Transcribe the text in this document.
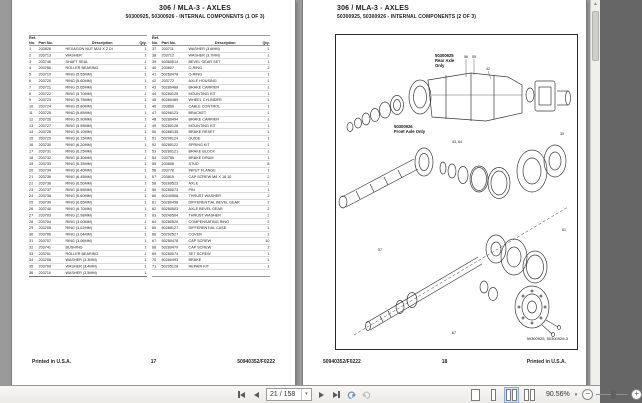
306 / MLA-3 - AXLES
50300925, 50300926 - INTERNAL COMPONENTS (1 OF 3)
Ref.
No. Part No.	Description	Qty.
1 203826	HEXAGON NUT M24 X 2 DI	1
2 203713	WASHER	1
3 203746	SHAFT SEAL	1
4 203750	ROLLER BEARING	1
5 203719	RING (5.55MM)	1
6 203720	RING (5.60MM)	1
7 203721	RING (5.65MM)	1
8 203722	RING (5.70MM)	1
9 203723	RING (5.75MM)	1
10 203724	RING (5.80MM)	1
11 203725	RING (5.85MM)	1
12 203726	RING (5.90MM)	1
13 203727	RING (5.95MM)	1
14 203728	RING (6.10MM)	1
15 203729	RING (6.15MM)	1
16 203730	RING (6.20MM)	1
17 203731	RING (6.25MM)	1
18 203732	RING (6.30MM)	1
19 203733	RING (6.35MM)	1
20 203734	RING (6.40MM)	1
21 203735	RING (6.45MM)	1
22 203736	RING (6.50MM)	1
23 203737	RING (6.55MM)	1
24 203738	RING (6.60MM)	1
25 203739	RING (6.65MM)	1
26 203740	RING (6.70MM)	1
27 203703	RING (2.98MM)	1
28 203704	RING (3.00MM)	1
29 203705	RING (3.02MM)	1
30 203706	RING (3.04MM)	1
31 203707	RING (3.06MM)	1
32 203741	BUSHING	1
33 203751	ROLLER BEARING	1
34 203708	WASHER (3.3MM)	1
35 203709	WASHER (3.4MM)	1
36 203710	WASHER (3.5MM)	1
Ref.
No. Part No.	Description	Qty.
37 203711	WASHER (3.6MM)	1
38 203712	WASHER (3.7MM)	1
39 50360514	BEVEL GEAR SET	1
40 203807	O-RING	2
41 50260478	O-RING	1
42 203772	AXLE HOUSING	1
43 50280488	BRAKE CARRIER	1
44 50280125	MOUNTING KIT	1
45 50280489	WHEEL CYLINDER	1
46 203860	CABLE CONTROL	1
47 50296123	BRACKET	1
48 50280494	BRAKE CARRIER	1
49 50280126	MOUNTING KIT	1
50 50286135	BRAKE RESET	1
51 50296124	GUIDE	1
52 50280122	SPRING KIT	1
53 50280121	BRAKE BLOCK	1
54 203755	BRAKE DRUM	1
55 203808	STUD	8
56 203778	INPUT FLANGE	1
57 203815	CAP SCREW M8 X 16 10	2
58 50280523	AXLE	1
59 50280073	PIN	1
60 50240508	THRUST WASHER	2
61 50280498	DIFFERENTIAL BEVEL GEAR	2
62 50280503	AXLE BEVEL GEAR	2
63 50240504	THRUST WASHER	2
64 50280520	COMPENSATING RING	2
65 50288127	DIFFERENTIAL CASE	1
66 50292527	COVER	1
67 50280478	CAP SCREW	10
68 50280479	CAP SCREW	2
69 50280074	SET SCREW	1
70 50280493	BRAKE	1
71 50295128	REPAIR KIT	1
Printed in U.S.A.	17	50940352/F0222
306 / MLA-3 - AXLES
50300925, 50300926 - INTERNAL COMPONENTS (2 OF 3)
50300925
Rear Axle
Only
56 55
42
39
43, 64
57
61
67
50300926
Front Axle Only
50300925, 50300926-3
50940352/F0222	18	Printed in U.S.A.
▲
21 / 158	▾	90.56% ▾	−	+
